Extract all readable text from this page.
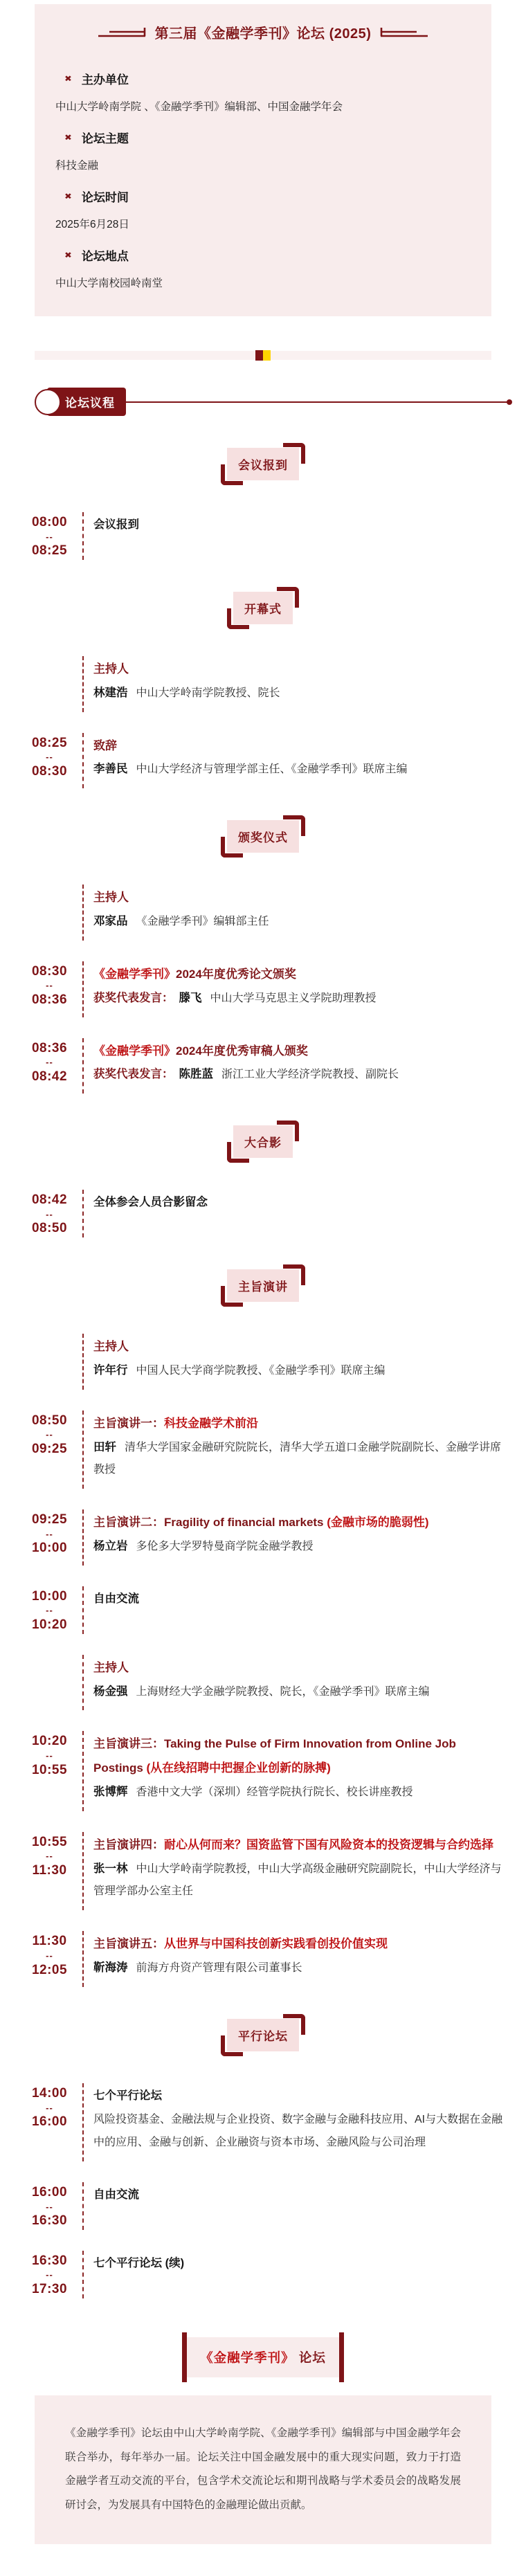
第三届《金融学季刊》论坛 (2025)
✖ 主办单位
中山大学岭南学院 、《金融学季刊》编辑部、中国金融学年会
✖ 论坛主题
科技金融
✖ 论坛时间
2025年6月28日
✖ 论坛地点
中山大学南校园岭南堂
论坛议程
会议报到
08:00
--
08:25
会议报到
开幕式
主持人
林建浩 中山大学岭南学院教授、院长
08:25
--
08:30
致辞
李善民 中山大学经济与管理学部主任、《金融学季刊》联席主编
颁奖仪式
主持人
邓家品 《金融学季刊》编辑部主任
08:30
--
08:36
《金融学季刊》2024年度优秀论文颁奖
获奖代表发言： 滕飞 中山大学马克思主义学院助理教授
08:36
--
08:42
《金融学季刊》2024年度优秀审稿人颁奖
获奖代表发言： 陈胜蓝 浙江工业大学经济学院教授、副院长
大合影
08:42
--
08:50
全体参会人员合影留念
主旨演讲
主持人
许年行 中国人民大学商学院教授、《金融学季刊》联席主编
08:50
--
09:25
主旨演讲一：科技金融学术前沿
田轩 清华大学国家金融研究院院长，清华大学五道口金融学院副院长、金融学讲席教授
09:25
--
10:00
主旨演讲二：Fragility of financial markets (金融市场的脆弱性)
杨立岩 多伦多大学罗特曼商学院金融学教授
10:00
--
10:20
自由交流
主持人
杨金强 上海财经大学金融学院教授、院长，《金融学季刊》联席主编
10:20
--
10:55
主旨演讲三：Taking the Pulse of Firm Innovation from Online Job Postings (从在线招聘中把握企业创新的脉搏)
张博辉 香港中文大学（深圳）经管学院执行院长、校长讲座教授
10:55
--
11:30
主旨演讲四：耐心从何而来？国资监管下国有风险资本的投资逻辑与合约选择
张一林 中山大学岭南学院教授，中山大学高级金融研究院副院长，中山大学经济与管理学部办公室主任
11:30
--
12:05
主旨演讲五：从世界与中国科技创新实践看创投价值实现
靳海涛 前海方舟资产管理有限公司董事长
平行论坛
14:00
--
16:00
七个平行论坛
风险投资基金、金融法规与企业投资、数字金融与金融科技应用、AI与大数据在金融中的应用、金融与创新、企业融资与资本市场、金融风险与公司治理
16:00
--
16:30
自由交流
16:30
--
17:30
七个平行论坛 (续)
《金融学季刊》 论坛
《金融学季刊》论坛由中山大学岭南学院、《金融学季刊》编辑部与中国金融学年会联合举办，每年举办一届。论坛关注中国金融发展中的重大现实问题，致力于打造金融学者互动交流的平台，包含学术交流论坛和期刊战略与学术委员会的战略发展研讨会，为发展具有中国特色的金融理论做出贡献。
